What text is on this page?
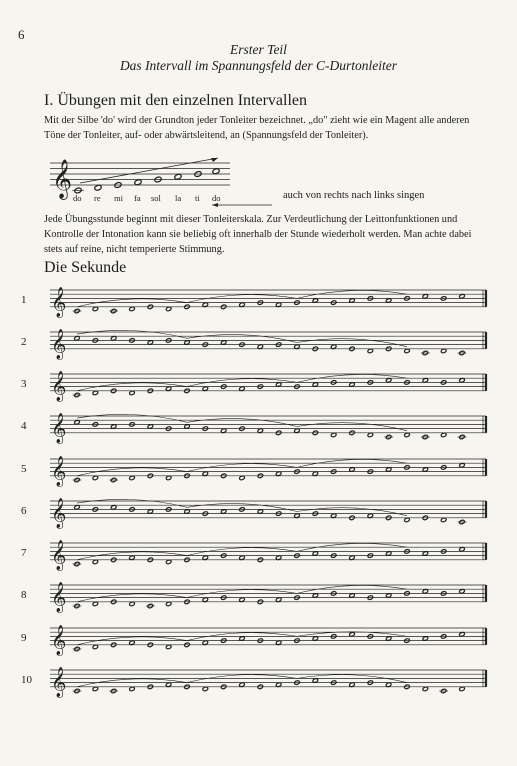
6
Erster Teil
Das Intervall im Spannungsfeld der C-Durtonleiter
I. Übungen mit den einzelnen Intervallen
Mit der Silbe 'do' wird der Grundton jeder Tonleiter bezeichnet. „do" zieht wie ein Magent alle anderen Töne der Tonleiter, auf- oder abwärtsleitend, an (Spannungsfeld der Tonleiter).
𝄞
𝄞
𝄞
𝄞
𝄞
𝄞
𝄞
𝄞
𝄞
𝄞
𝄞
do re mi fa sol la ti do	auch von rechts nach links singen
Jede Übungsstunde beginnt mit dieser Tonleiterskala. Zur Verdeutlichung der Leittonfunktionen und Kontrolle der Intonation kann sie beliebig oft innerhalb der Stunde wiederholt werden. Man achte dabei stets auf reine, nicht temperierte Stimmung.
Die Sekunde
1
2
3
4
5
6
7
8
9
10
